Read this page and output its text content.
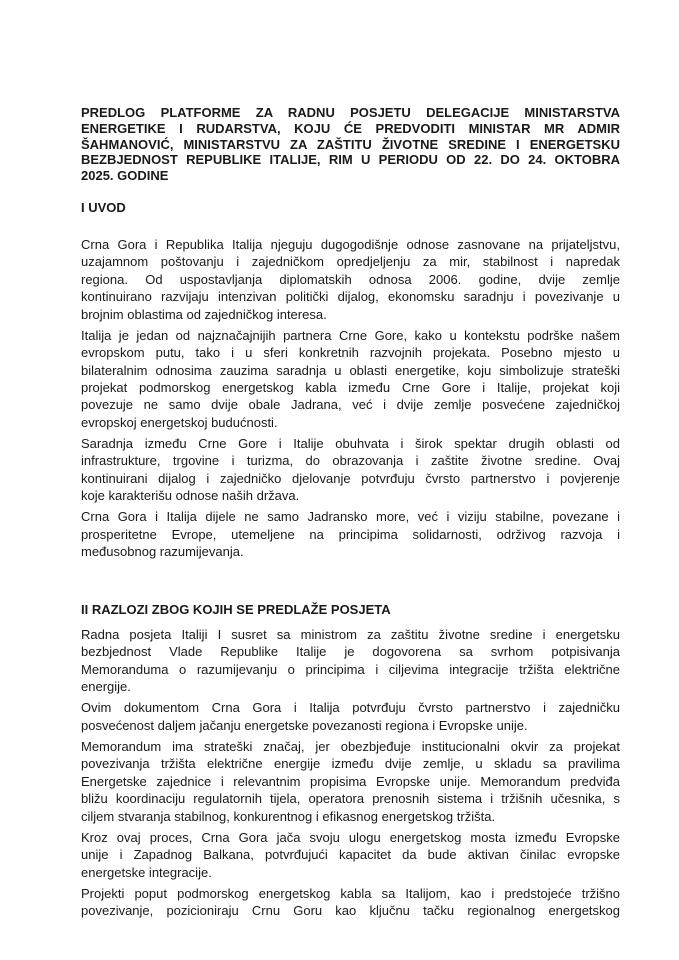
PREDLOG PLATFORME ZA RADNU POSJETU DELEGACIJE MINISTARSTVA
ENERGETIKE I RUDARSTVA, KOJU ĆE PREDVODITI MINISTAR MR ADMIR
ŠAHMANOVIĆ, MINISTARSTVU ZA ZAŠTITU ŽIVOTNE SREDINE I ENERGETSKU
BEZBJEDNOST REPUBLIKE ITALIJE, RIM U PERIODU OD 22. DO 24. OKTOBRA
2025. GODINE
I UVOD
Crna Gora i Republika Italija njeguju dugogodišnje odnose zasnovane na prijateljstvu,
uzajamnom poštovanju i zajedničkom opredjeljenju za mir, stabilnost i napredak
regiona. Od uspostavljanja diplomatskih odnosa 2006. godine, dvije zemlje
kontinuirano razvijaju intenzivan politički dijalog, ekonomsku saradnju i povezivanje u
brojnim oblastima od zajedničkog interesa.
Italija je jedan od najznačajnijih partnera Crne Gore, kako u kontekstu podrške našem
evropskom putu, tako i u sferi konkretnih razvojnih projekata. Posebno mjesto u
bilateralnim odnosima zauzima saradnja u oblasti energetike, koju simbolizuje strateški
projekat podmorskog energetskog kabla između Crne Gore i Italije, projekat koji
povezuje ne samo dvije obale Jadrana, već i dvije zemlje posvećene zajedničkoj
evropskoj energetskoj budućnosti.
Saradnja između Crne Gore i Italije obuhvata i širok spektar drugih oblasti od
infrastrukture, trgovine i turizma, do obrazovanja i zaštite životne sredine. Ovaj
kontinuirani dijalog i zajedničko djelovanje potvrđuju čvrsto partnerstvo i povjerenje
koje karakterišu odnose naših država.
Crna Gora i Italija dijele ne samo Jadransko more, već i viziju stabilne, povezane i
prosperitetne Evrope, utemeljene na principima solidarnosti, održivog razvoja i
međusobnog razumijevanja.
II RAZLOZI ZBOG KOJIH SE PREDLAŽE POSJETA
Radna posjeta Italiji I susret sa ministrom za zaštitu životne sredine i energetsku
bezbjednost Vlade Republike Italije je dogovorena sa svrhom potpisivanja
Memoranduma o razumijevanju o principima i ciljevima integracije tržišta električne
energije.
Ovim dokumentom Crna Gora i Italija potvrđuju čvrsto partnerstvo i zajedničku
posvećenost daljem jačanju energetske povezanosti regiona i Evropske unije.
Memorandum ima strateški značaj, jer obezbjeđuje institucionalni okvir za projekat
povezivanja tržišta električne energije između dvije zemlje, u skladu sa pravilima
Energetske zajednice i relevantnim propisima Evropske unije. Memorandum predviđa
bližu koordinaciju regulatornih tijela, operatora prenosnih sistema i tržišnih učesnika, s
ciljem stvaranja stabilnog, konkurentnog i efikasnog energetskog tržišta.
Kroz ovaj proces, Crna Gora jača svoju ulogu energetskog mosta između Evropske
unije i Zapadnog Balkana, potvrđujući kapacitet da bude aktivan činilac evropske
energetske integracije.
Projekti poput podmorskog energetskog kabla sa Italijom, kao i predstojeće tržišno
povezivanje, pozicioniraju Crnu Goru kao ključnu tačku regionalnog energetskog
